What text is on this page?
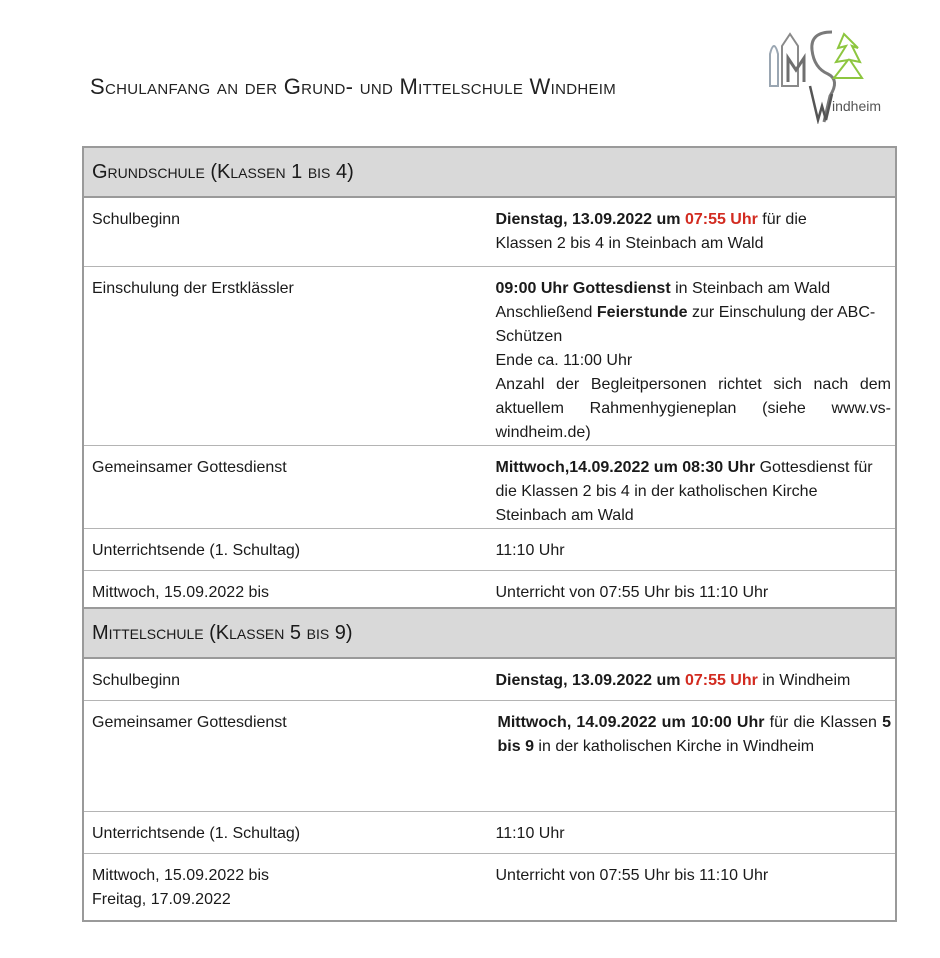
Schulanfang an der Grund- und Mittelschule Windheim
indheim
Grundschule (Klassen 1 bis 4)	
Schulbeginn	Dienstag, 13.09.2022 um 07:55 Uhr für die
Klassen 2 bis 4 in Steinbach am Wald
Einschulung der Erstklässler	09:00 Uhr Gottesdienst in Steinbach am Wald
Anschließend Feierstunde zur Einschulung der ABC-Schützen
Ende ca. 11:00 Uhr

Anzahl der Begleitpersonen richtet sich nach dem aktuellem Rahmenhygieneplan (siehe www.vs-windheim.de)

Gemeinsamer Gottesdienst	Mittwoch,14.09.2022 um 08:30 Uhr Gottesdienst für die Klassen 2 bis 4 in der katholischen Kirche Steinbach am Wald
Unterrichtsende (1. Schultag)	11:10 Uhr
Mittwoch, 15.09.2022 bis	Unterricht von 07:55 Uhr bis 11:10 Uhr
Mittelschule (Klassen 5 bis 9)	
Schulbeginn	Dienstag, 13.09.2022 um 07:55 Uhr in Windheim
Gemeinsamer Gottesdienst	Mittwoch, 14.09.2022 um 10:00 Uhr für die Klassen 5 bis 9 in der katholischen Kirche in Windheim

Unterrichtsende (1. Schultag)	11:10 Uhr
Mittwoch, 15.09.2022 bis
Freitag, 17.09.2022	Unterricht von 07:55 Uhr bis 11:10 Uhr
